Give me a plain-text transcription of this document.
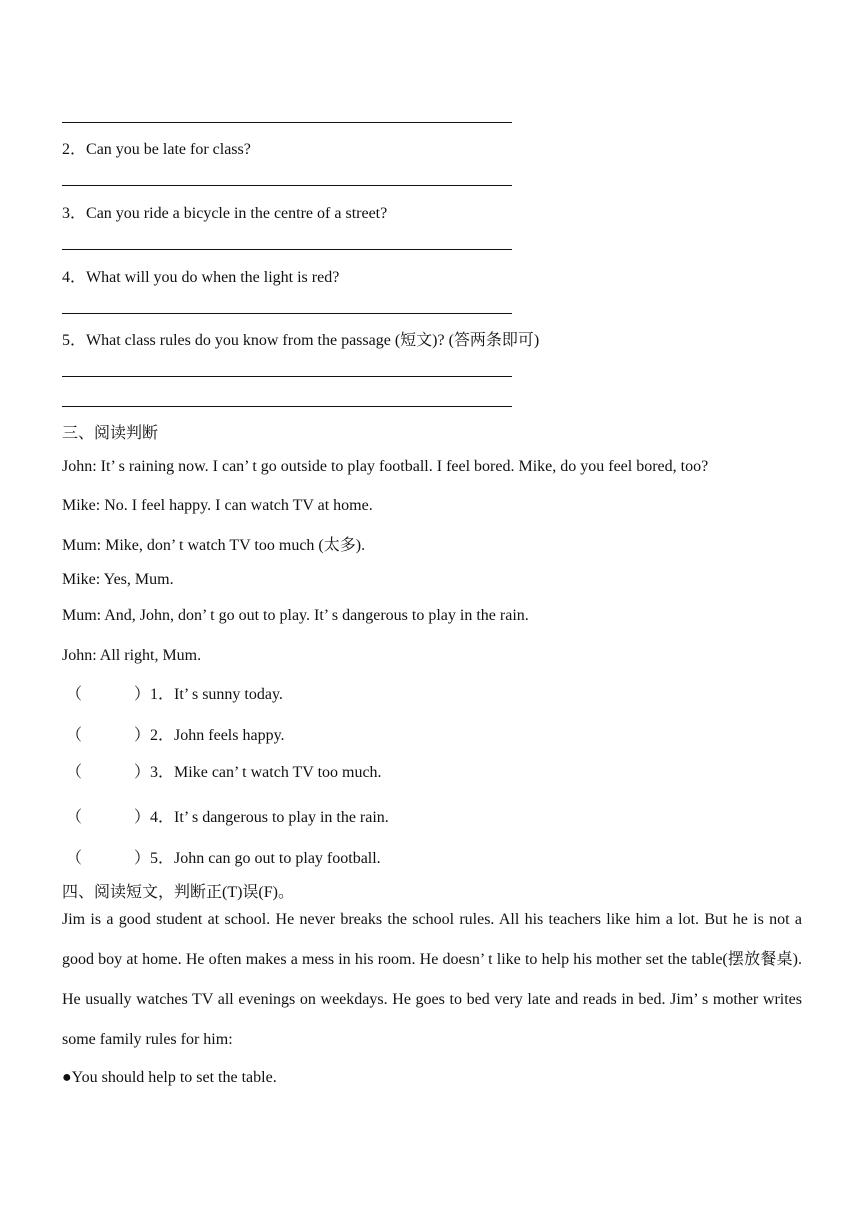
2．Can you be late for class?
3．Can you ride a bicycle in the centre of a street?
4．What will you do when the light is red?
5．What class rules do you know from the passage (短文)? (答两条即可)
三、阅读判断
John: It’ s raining now. I can’ t go outside to play football. I feel bored. Mike, do you feel bored, too?
Mike: No. I feel happy. I can watch TV at home.
Mum: Mike, don’ t watch TV too much (太多).
Mike: Yes, Mum.
Mum: And, John, don’ t go out to play. It’ s dangerous to play in the rain.
John: All right, Mum.
（	）1．It’ s sunny today.
（	）2．John feels happy.
（	）3．Mike can’ t watch TV too much.
（	）4．It’ s dangerous to play in the rain.
（	）5．John can go out to play football.
四、阅读短文，判断正(T)误(F)。
Jim is a good student at school. He never breaks the school rules. All his teachers like him a lot. But he is not a good boy at home. He often makes a mess in his room. He doesn’ t like to help his mother set the table(摆放餐桌). He usually watches TV all evenings on weekdays. He goes to bed very late and reads in bed. Jim’ s mother writes some family rules for him:
●You should help to set the table.
